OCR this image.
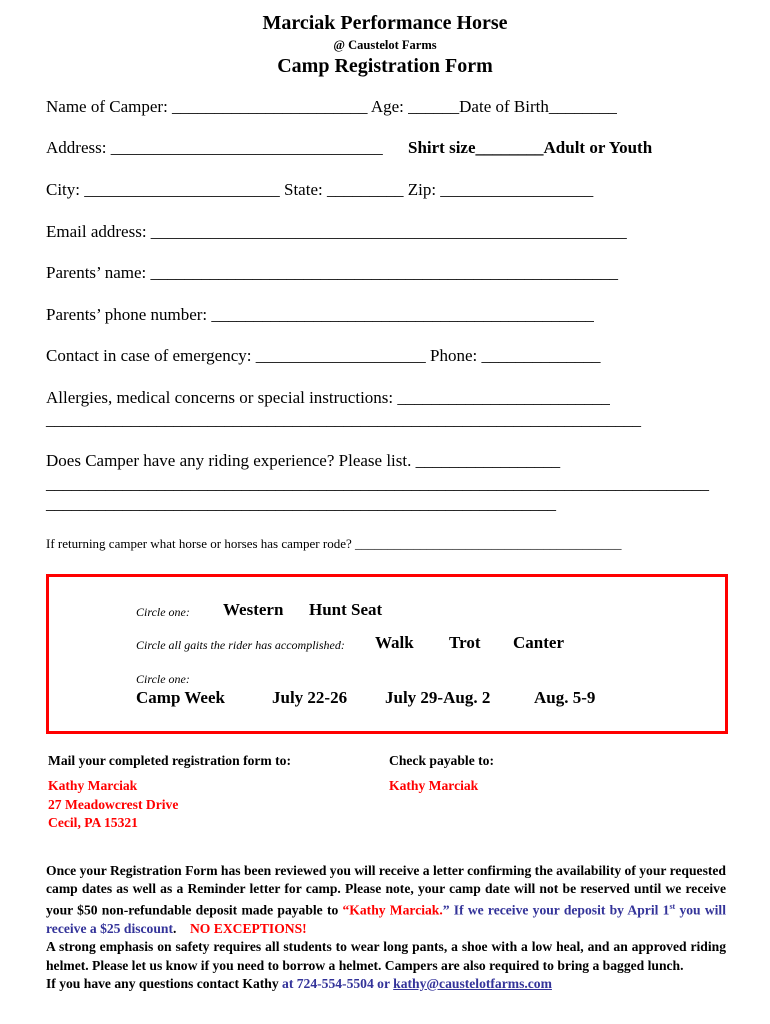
Marciak Performance Horse
@ Caustelot Farms
Camp Registration Form
Name of Camper: _______________________ Age: ______Date of Birth________
Address: ________________________________ Shirt size________Adult or Youth
City: _______________________ State: _________ Zip: __________________
Email address: ________________________________________________________
Parents’ name: _______________________________________________________
Parents’ phone number: _____________________________________________
Contact in case of emergency: ____________________ Phone: ______________
Allergies, medical concerns or special instructions: _________________________
______________________________________________________________________
Does Camper have any riding experience? Please list. _________________
______________________________________________________________________________
____________________________________________________________
If returning camper what horse or horses has camper rode? _________________________________________
Circle one: Western Hunt Seat
Circle all gaits the rider has accomplished: Walk Trot Canter
Circle one:
Camp Week	July 22-26 July 29-Aug. 2	Aug. 5-9
Mail your completed registration form to:
Kathy Marciak
27 Meadowcrest Drive
Cecil, PA 15321
Check payable to:
Kathy Marciak
Once your Registration Form has been reviewed you will receive a letter confirming the availability of your requested camp dates as well as a Reminder letter for camp. Please note, your camp date will not be reserved until we receive your $50 non-refundable deposit made payable to “Kathy Marciak.” If we receive your deposit by April 1st you will receive a $25 discount.    NO EXCEPTIONS!
A strong emphasis on safety requires all students to wear long pants, a shoe with a low heal, and an approved riding helmet. Please let us know if you need to borrow a helmet. Campers are also required to bring a bagged lunch.
If you have any questions contact Kathy at 724-554-5504 or kathy@caustelotfarms.com
